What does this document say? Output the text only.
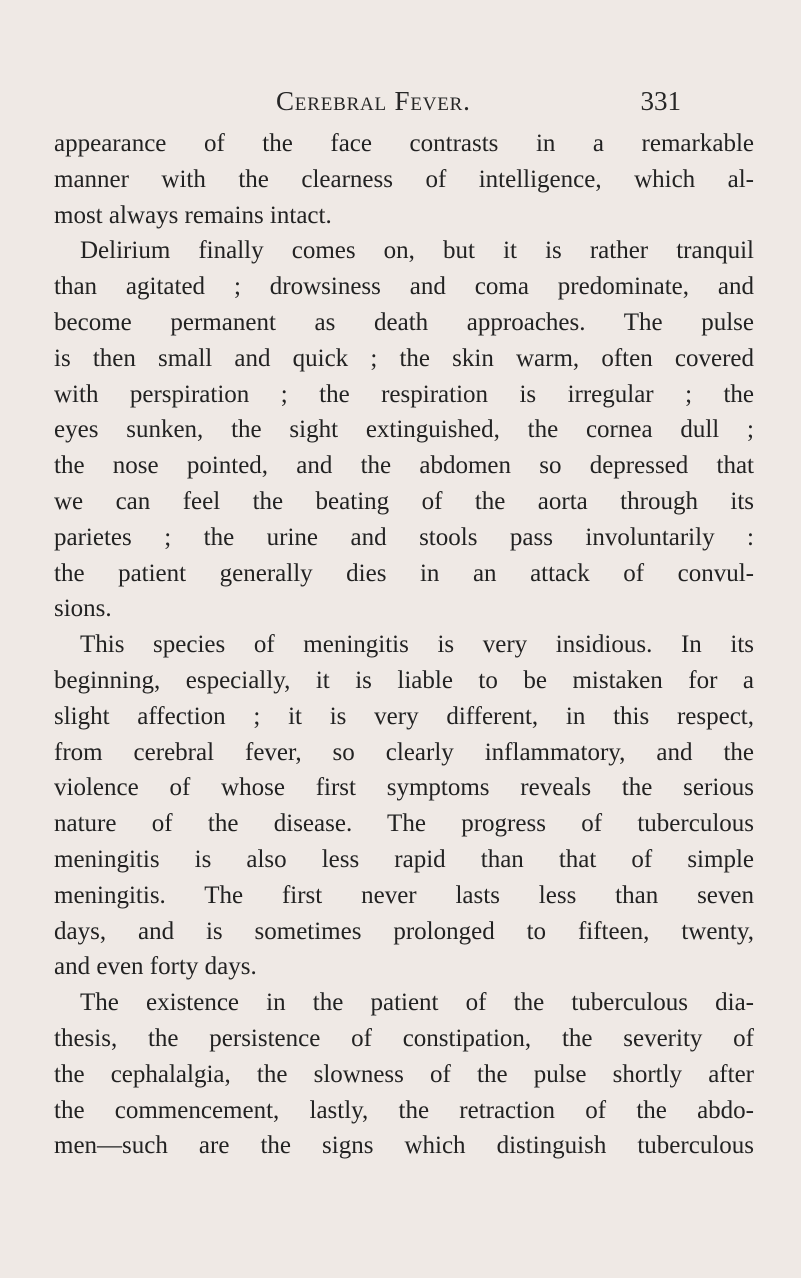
Cerebral Fever.	331
appearance of the face contrasts in a remarkable
manner with the clearness of intelligence, which al-
most always remains intact.
Delirium finally comes on, but it is rather tranquil
than agitated ; drowsiness and coma predominate, and
become permanent as death approaches. The pulse
is then small and quick ; the skin warm, often covered
with perspiration ; the respiration is irregular ; the
eyes sunken, the sight extinguished, the cornea dull ;
the nose pointed, and the abdomen so depressed that
we can feel the beating of the aorta through its
parietes ; the urine and stools pass involuntarily :
the patient generally dies in an attack of convul-
sions.
This species of meningitis is very insidious. In its
beginning, especially, it is liable to be mistaken for a
slight affection ; it is very different, in this respect,
from cerebral fever, so clearly inflammatory, and the
violence of whose first symptoms reveals the serious
nature of the disease. The progress of tuberculous
meningitis is also less rapid than that of simple
meningitis. The first never lasts less than seven
days, and is sometimes prolonged to fifteen, twenty,
and even forty days.
The existence in the patient of the tuberculous dia-
thesis, the persistence of constipation, the severity of
the cephalalgia, the slowness of the pulse shortly after
the commencement, lastly, the retraction of the abdo-
men—such are the signs which distinguish tuberculous
